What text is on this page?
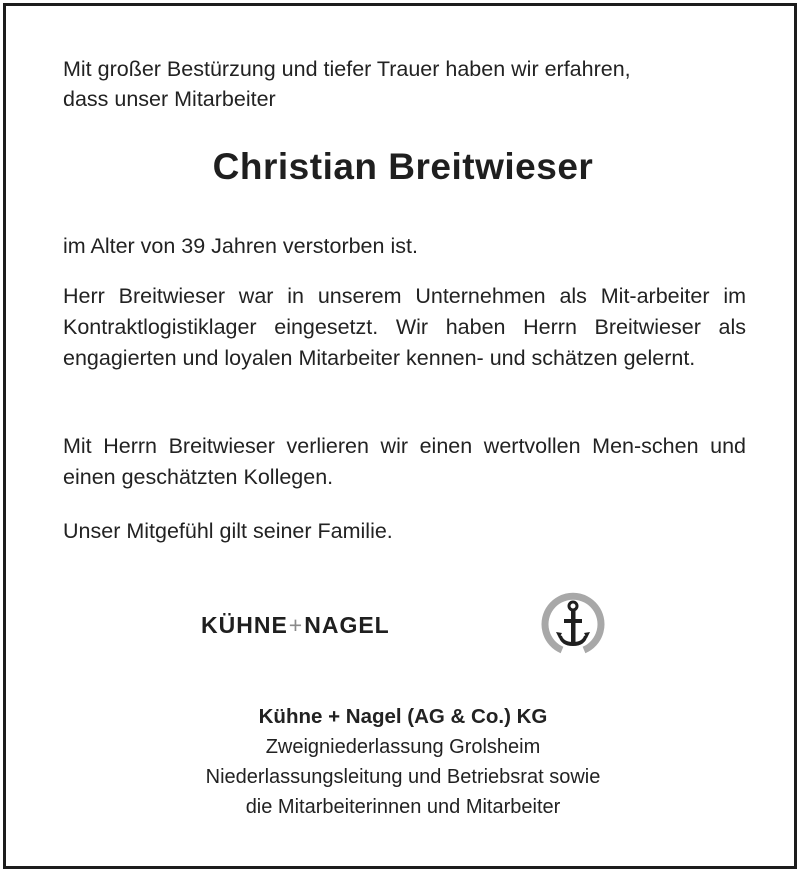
Mit großer Bestürzung und tiefer Trauer haben wir erfahren,
dass unser Mitarbeiter

Christian Breitwieser

im Alter von 39 Jahren verstorben ist.

Herr Breitwieser war in unserem Unternehmen als Mit-arbeiter im Kontraktlogistiklager eingesetzt. Wir haben Herrn Breitwieser als engagierten und loyalen Mitarbeiter kennen- und schätzen gelernt.

Mit Herrn Breitwieser verlieren wir einen wertvollen Men-schen und einen geschätzten Kollegen.

Unser Mitgefühl gilt seiner Familie.

KÜHNE+NAGEL
Kühne + Nagel (AG & Co.) KG
Zweigniederlassung Grolsheim
Niederlassungsleitung und Betriebsrat sowie
die Mitarbeiterinnen und Mitarbeiter
